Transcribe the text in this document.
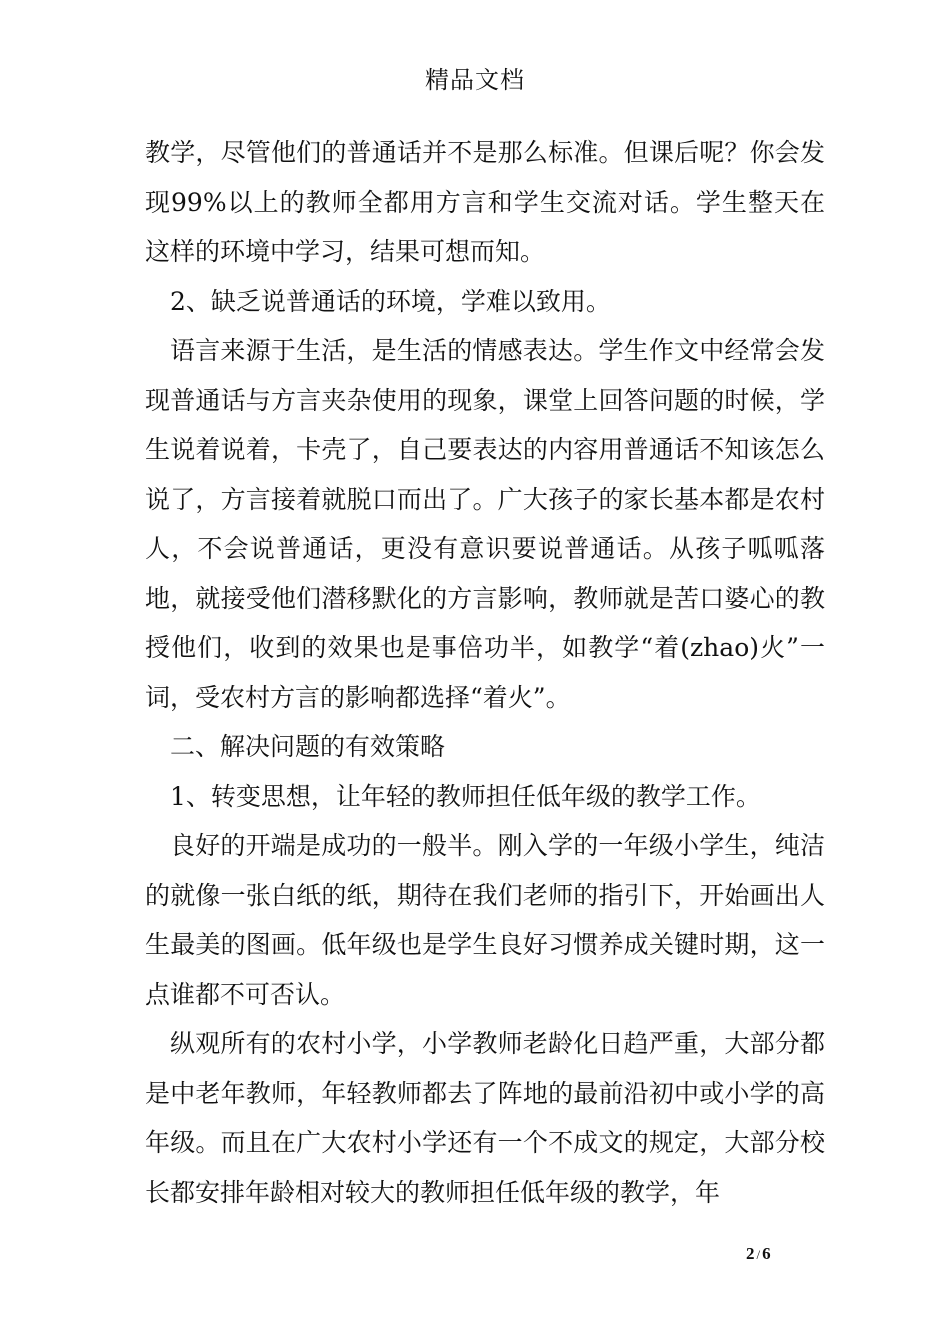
精品文档

教学，尽管他们的普通话并不是那么标准。但课后呢？你会发现99%以上的教师全都用方言和学生交流对话。学生整天在这样的环境中学习，结果可想而知。

2、缺乏说普通话的环境，学难以致用。

语言来源于生活，是生活的情感表达。学生作文中经常会发现普通话与方言夹杂使用的现象，课堂上回答问题的时候，学生说着说着，卡壳了，自己要表达的内容用普通话不知该怎么说了，方言接着就脱口而出了。广大孩子的家长基本都是农村人，不会说普通话，更没有意识要说普通话。从孩子呱呱落地，就接受他们潜移默化的方言影响，教师就是苦口婆心的教授他们，收到的效果也是事倍功半，如教学“着(zhao)火”一词，受农村方言的影响都选择“着火”。

二、解决问题的有效策略

1、转变思想，让年轻的教师担任低年级的教学工作。

良好的开端是成功的一般半。刚入学的一年级小学生，纯洁的就像一张白纸的纸，期待在我们老师的指引下，开始画出人生最美的图画。低年级也是学生良好习惯养成关键时期，这一点谁都不可否认。

纵观所有的农村小学，小学教师老龄化日趋严重，大部分都是中老年教师，年轻教师都去了阵地的最前沿初中或小学的高年级。而且在广大农村小学还有一个不成文的规定，大部分校长都安排年龄相对较大的教师担任低年级的教学，年

2 / 6
